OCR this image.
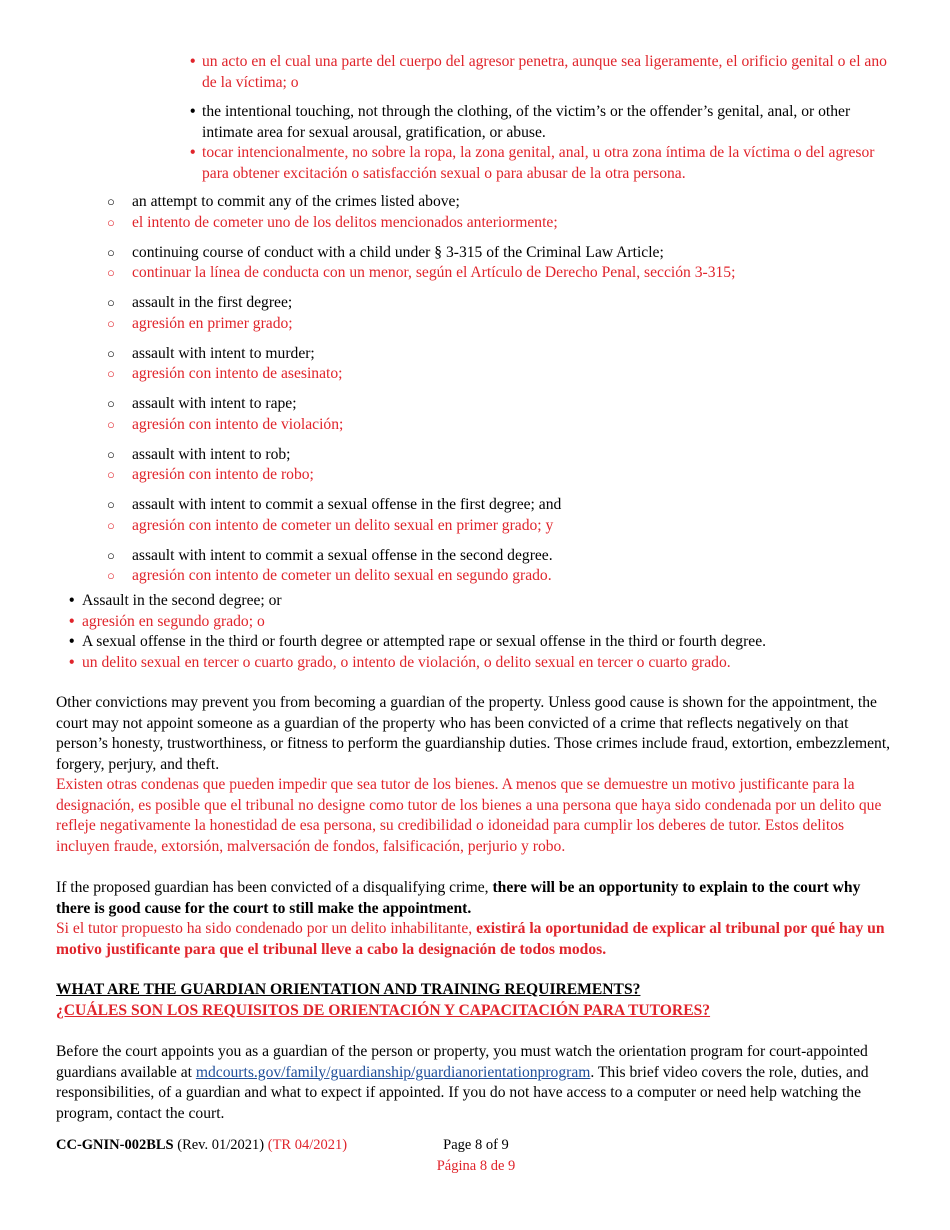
• un acto en el cual una parte del cuerpo del agresor penetra, aunque sea ligeramente, el orificio genital o el ano de la víctima; o
• the intentional touching, not through the clothing, of the victim’s or the offender’s genital, anal, or other intimate area for sexual arousal, gratification, or abuse.
• tocar intencionalmente, no sobre la ropa, la zona genital, anal, u otra zona íntima de la víctima o del agresor para obtener excitación o satisfacción sexual o para abusar de la otra persona.
○ an attempt to commit any of the crimes listed above;
○ el intento de cometer uno de los delitos mencionados anteriormente;
○ continuing course of conduct with a child under § 3-315 of the Criminal Law Article;
○ continuar la línea de conducta con un menor, según el Artículo de Derecho Penal, sección 3-315;
○ assault in the first degree;
○ agresión en primer grado;
○ assault with intent to murder;
○ agresión con intento de asesinato;
○ assault with intent to rape;
○ agresión con intento de violación;
○ assault with intent to rob;
○ agresión con intento de robo;
○ assault with intent to commit a sexual offense in the first degree; and
○ agresión con intento de cometer un delito sexual en primer grado; y
○ assault with intent to commit a sexual offense in the second degree.
○ agresión con intento de cometer un delito sexual en segundo grado.
• Assault in the second degree; or
• agresión en segundo grado; o
• A sexual offense in the third or fourth degree or attempted rape or sexual offense in the third or fourth degree.
• un delito sexual en tercer o cuarto grado, o intento de violación, o delito sexual en tercer o cuarto grado.

Other convictions may prevent you from becoming a guardian of the property. Unless good cause is shown for the appointment, the court may not appoint someone as a guardian of the property who has been convicted of a crime that reflects negatively on that person’s honesty, trustworthiness, or fitness to perform the guardianship duties. Those crimes include fraud, extortion, embezzlement, forgery, perjury, and theft.

Existen otras condenas que pueden impedir que sea tutor de los bienes. A menos que se demuestre un motivo justificante para la designación, es posible que el tribunal no designe como tutor de los bienes a una persona que haya sido condenada por un delito que refleje negativamente la honestidad de esa persona, su credibilidad o idoneidad para cumplir los deberes de tutor. Estos delitos incluyen fraude, extorsión, malversación de fondos, falsificación, perjurio y robo.

If the proposed guardian has been convicted of a disqualifying crime, there will be an opportunity to explain to the court why there is good cause for the court to still make the appointment.

Si el tutor propuesto ha sido condenado por un delito inhabilitante, existirá la oportunidad de explicar al tribunal por qué hay un motivo justificante para que el tribunal lleve a cabo la designación de todos modos.

WHAT ARE THE GUARDIAN ORIENTATION AND TRAINING REQUIREMENTS?

¿CUÁLES SON LOS REQUISITOS DE ORIENTACIÓN Y CAPACITACIÓN PARA TUTORES?

Before the court appoints you as a guardian of the person or property, you must watch the orientation program for court-appointed guardians available at mdcourts.gov/family/guardianship/guardianorientationprogram. This brief video covers the role, duties, and responsibilities, of a guardian and what to expect if appointed. If you do not have access to a computer or need help watching the program, contact the court.

CC-GNIN-002BLS (Rev. 01/2021) (TR 04/2021)	Page 8 of 9
Página 8 de 9
